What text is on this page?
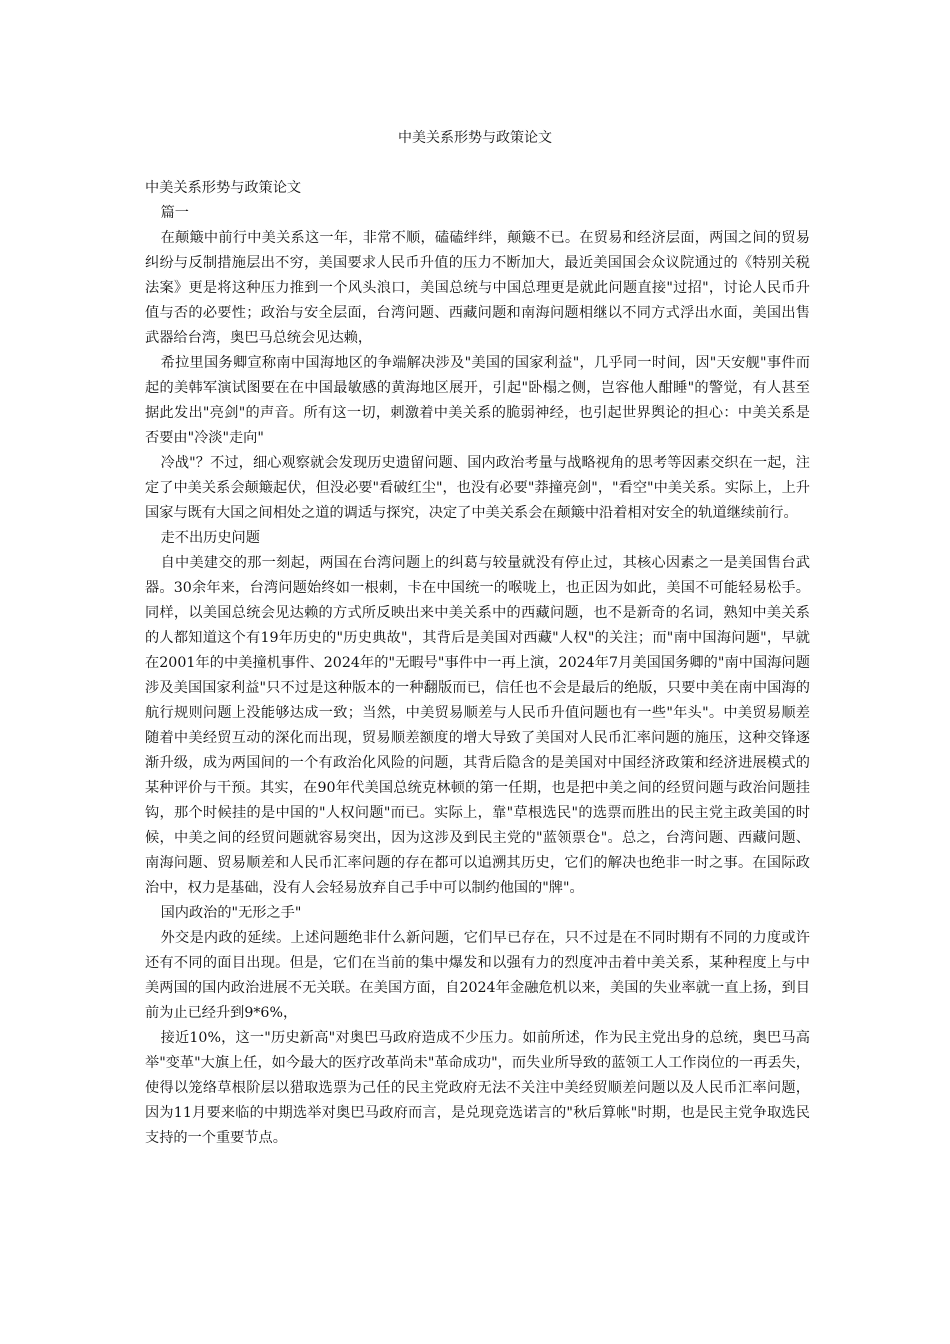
中美关系形势与政策论文

中美关系形势与政策论文

篇一

在颠簸中前行中美关系这一年，非常不顺，磕磕绊绊，颠簸不已。在贸易和经济层面，两国之间的贸易纠纷与反制措施层出不穷，美国要求人民币升值的压力不断加大，最近美国国会众议院通过的《特别关税法案》更是将这种压力推到一个风头浪口，美国总统与中国总理更是就此问题直接"过招"，讨论人民币升值与否的必要性；政治与安全层面，台湾问题、西藏问题和南海问题相继以不同方式浮出水面，美国出售武器给台湾，奥巴马总统会见达赖，

希拉里国务卿宣称南中国海地区的争端解决涉及"美国的国家利益"，几乎同一时间，因"天安舰"事件而起的美韩军演试图要在在中国最敏感的黄海地区展开，引起"卧榻之侧，岂容他人酣睡"的警觉，有人甚至据此发出"亮剑"的声音。所有这一切，刺激着中美关系的脆弱神经，也引起世界舆论的担心：中美关系是否要由"冷淡"走向"

冷战"？不过，细心观察就会发现历史遗留问题、国内政治考量与战略视角的思考等因素交织在一起，注定了中美关系会颠簸起伏，但没必要"看破红尘"，也没有必要"莽撞亮剑"，"看空"中美关系。实际上，上升国家与既有大国之间相处之道的调适与探究，决定了中美关系会在颠簸中沿着相对安全的轨道继续前行。

走不出历史问题

自中美建交的那一刻起，两国在台湾问题上的纠葛与较量就没有停止过，其核心因素之一是美国售台武器。30余年来，台湾问题始终如一根刺，卡在中国统一的喉咙上，也正因为如此，美国不可能轻易松手。同样，以美国总统会见达赖的方式所反映出来中美关系中的西藏问题，也不是新奇的名词，熟知中美关系的人都知道这个有19年历史的"历史典故"，其背后是美国对西藏"人权"的关注；而"南中国海问题"，早就在2001年的中美撞机事件、2024年的"无暇号"事件中一再上演，2024年7月美国国务卿的"南中国海问题涉及美国国家利益"只不过是这种版本的一种翻版而已，信任也不会是最后的绝版，只要中美在南中国海的航行规则问题上没能够达成一致；当然，中美贸易顺差与人民币升值问题也有一些"年头"。中美贸易顺差随着中美经贸互动的深化而出现，贸易顺差额度的增大导致了美国对人民币汇率问题的施压，这种交锋逐渐升级，成为两国间的一个有政治化风险的问题，其背后隐含的是美国对中国经济政策和经济进展模式的某种评价与干预。其实，在90年代美国总统克林顿的第一任期，也是把中美之间的经贸问题与政治问题挂钩，那个时候挂的是中国的"人权问题"而已。实际上，靠"草根选民"的选票而胜出的民主党主政美国的时候，中美之间的经贸问题就容易突出，因为这涉及到民主党的"蓝领票仓"。总之，台湾问题、西藏问题、南海问题、贸易顺差和人民币汇率问题的存在都可以追溯其历史，它们的解决也绝非一时之事。在国际政治中，权力是基础，没有人会轻易放弃自己手中可以制约他国的"牌"。

国内政治的"无形之手"

外交是内政的延续。上述问题绝非什么新问题，它们早已存在，只不过是在不同时期有不同的力度或许还有不同的面目出现。但是，它们在当前的集中爆发和以强有力的烈度冲击着中美关系，某种程度上与中美两国的国内政治进展不无关联。在美国方面，自2024年金融危机以来，美国的失业率就一直上扬，到目前为止已经升到9*6%，

接近10%，这一"历史新高"对奥巴马政府造成不少压力。如前所述，作为民主党出身的总统，奥巴马高举"变革"大旗上任，如今最大的医疗改革尚未"革命成功"，而失业所导致的蓝领工人工作岗位的一再丢失，使得以笼络草根阶层以猎取选票为己任的民主党政府无法不关注中美经贸顺差问题以及人民币汇率问题，因为11月要来临的中期选举对奥巴马政府而言，是兑现竞选诺言的"秋后算帐"时期，也是民主党争取选民支持的一个重要节点。
